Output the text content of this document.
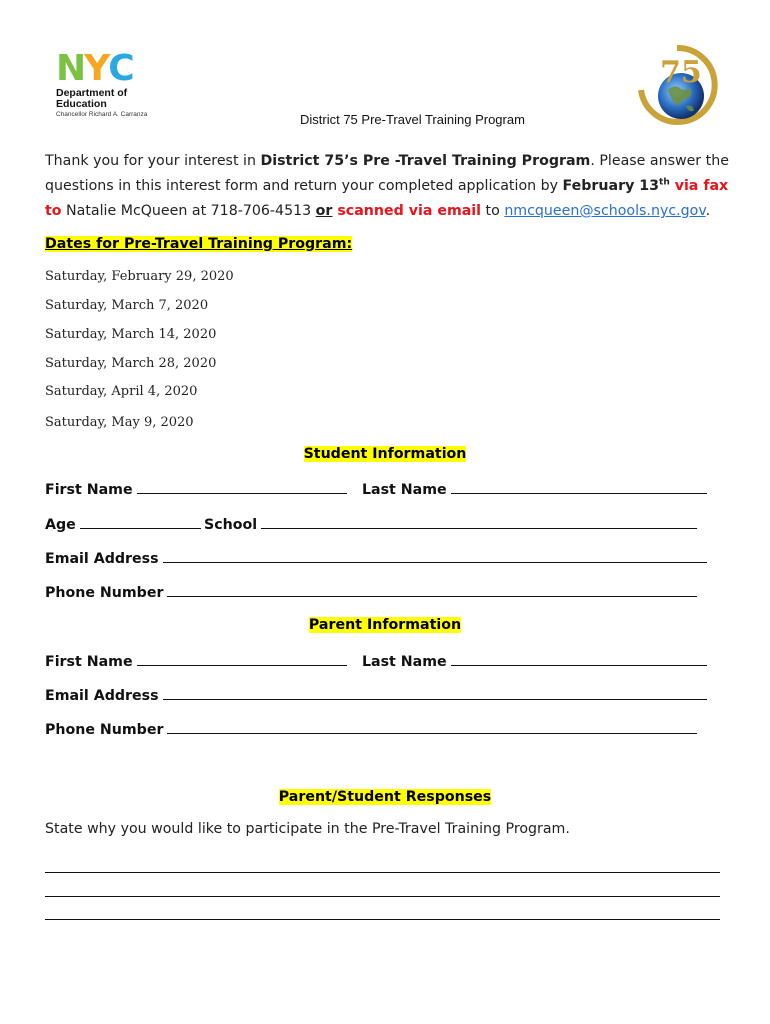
N Y C
Department of
Education
Chancellor Richard A. Carranza
75
District 75 Pre-Travel Training Program
Thank you for your interest in District 75’s Pre -Travel Training Program. Please answer the questions in this interest form and return your completed application by February 13th via fax to Natalie McQueen at 718-706-4513 or scanned via email to nmcqueen@schools.nyc.gov.
Dates for Pre-Travel Training Program:
Saturday, February 29, 2020
Saturday, March 7, 2020
Saturday, March 14, 2020
Saturday, March 28, 2020
Saturday, April 4, 2020
Saturday, May 9, 2020
Student Information
First Name	Last Name
Age	School
Email Address
Phone Number
Parent Information
First Name	Last Name
Email Address
Phone Number
Parent/Student Responses
State why you would like to participate in the Pre-Travel Training Program.
